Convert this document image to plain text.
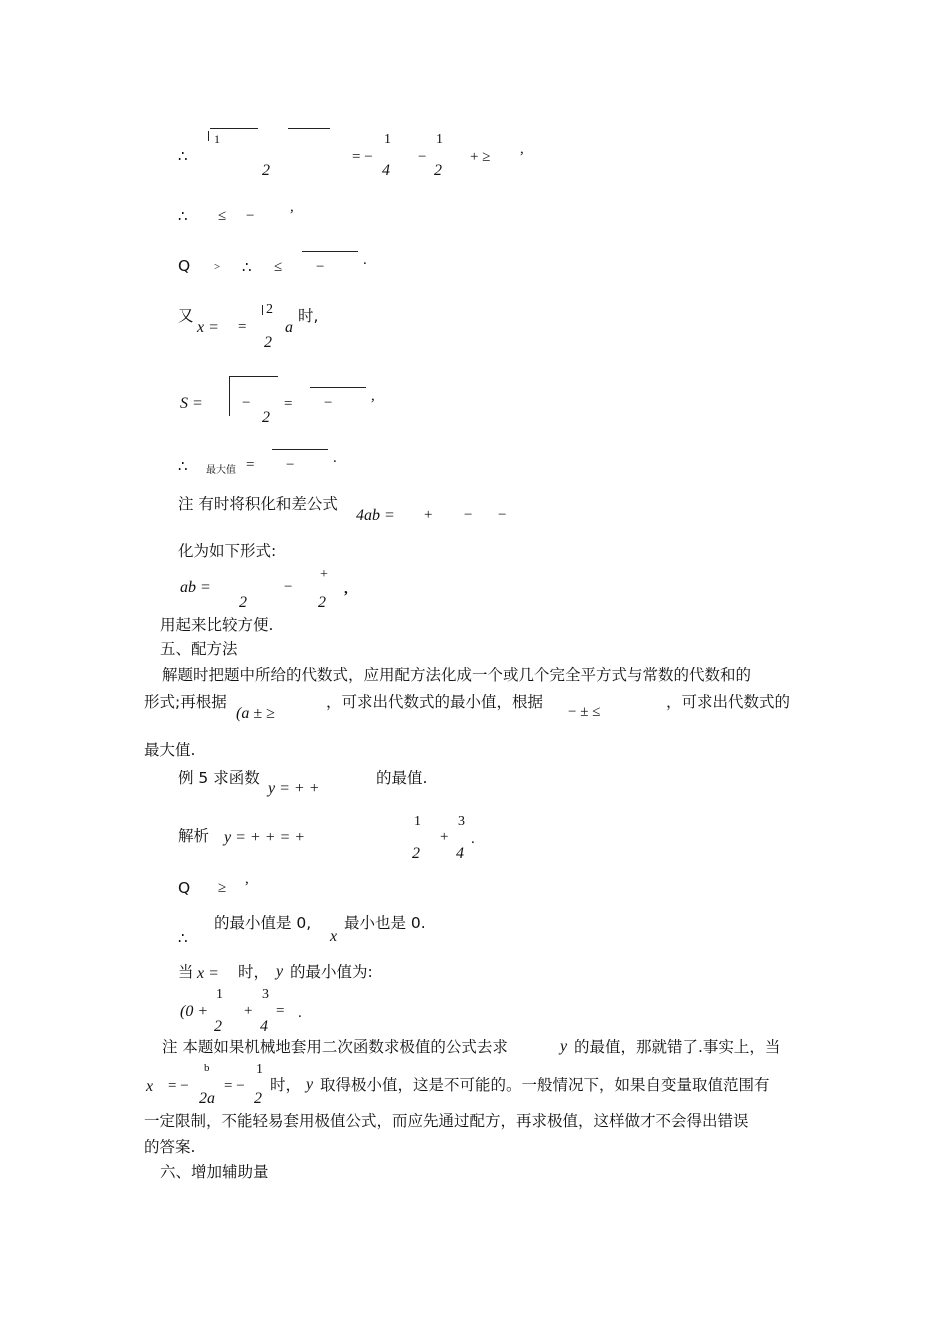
∴
1
2
= −
1
4
−
1
2
+ ≥ ,
∴ ≤ −
,
Q ˃ ∴ ≤ −	.
又
x = =
2
2
a
时,
S =	−
2
= −	,
∴ 最大值 = −	.
注 有时将积化和差公式
4ab = + − −
化为如下形式:
ab =
2
−
+
2
,
用起来比较方便.
五、配方法
解题时把题中所给的代数式，应用配方法化成一个或几个完全平方式与常数的代数和的
形式;再根据
(a ± ≥
，可求出代数式的最小值，根据
− ± ≤
，可求出代数式的
最大值.
例 5 求函数
y = + +
的最值.
解析 y = + + = +
1
2
+
3
4
.
Q ≥
,
∴
的最小值是 0,
x
最小也是 0.
当 x = 时， y 的最小值为:
(0 +
1
2
+
3
4
= .
注 本题如果机械地套用二次函数求极值的公式去求	y 的最值，那就错了.事实上，当
x = −
b
2a
= −
1
2
时， y 取得极小值，这是不可能的。一般情况下，如果自变量取值范围有
一定限制，不能轻易套用极值公式，而应先通过配方，再求极值，这样做才不会得出错误
的答案.
六、增加辅助量
